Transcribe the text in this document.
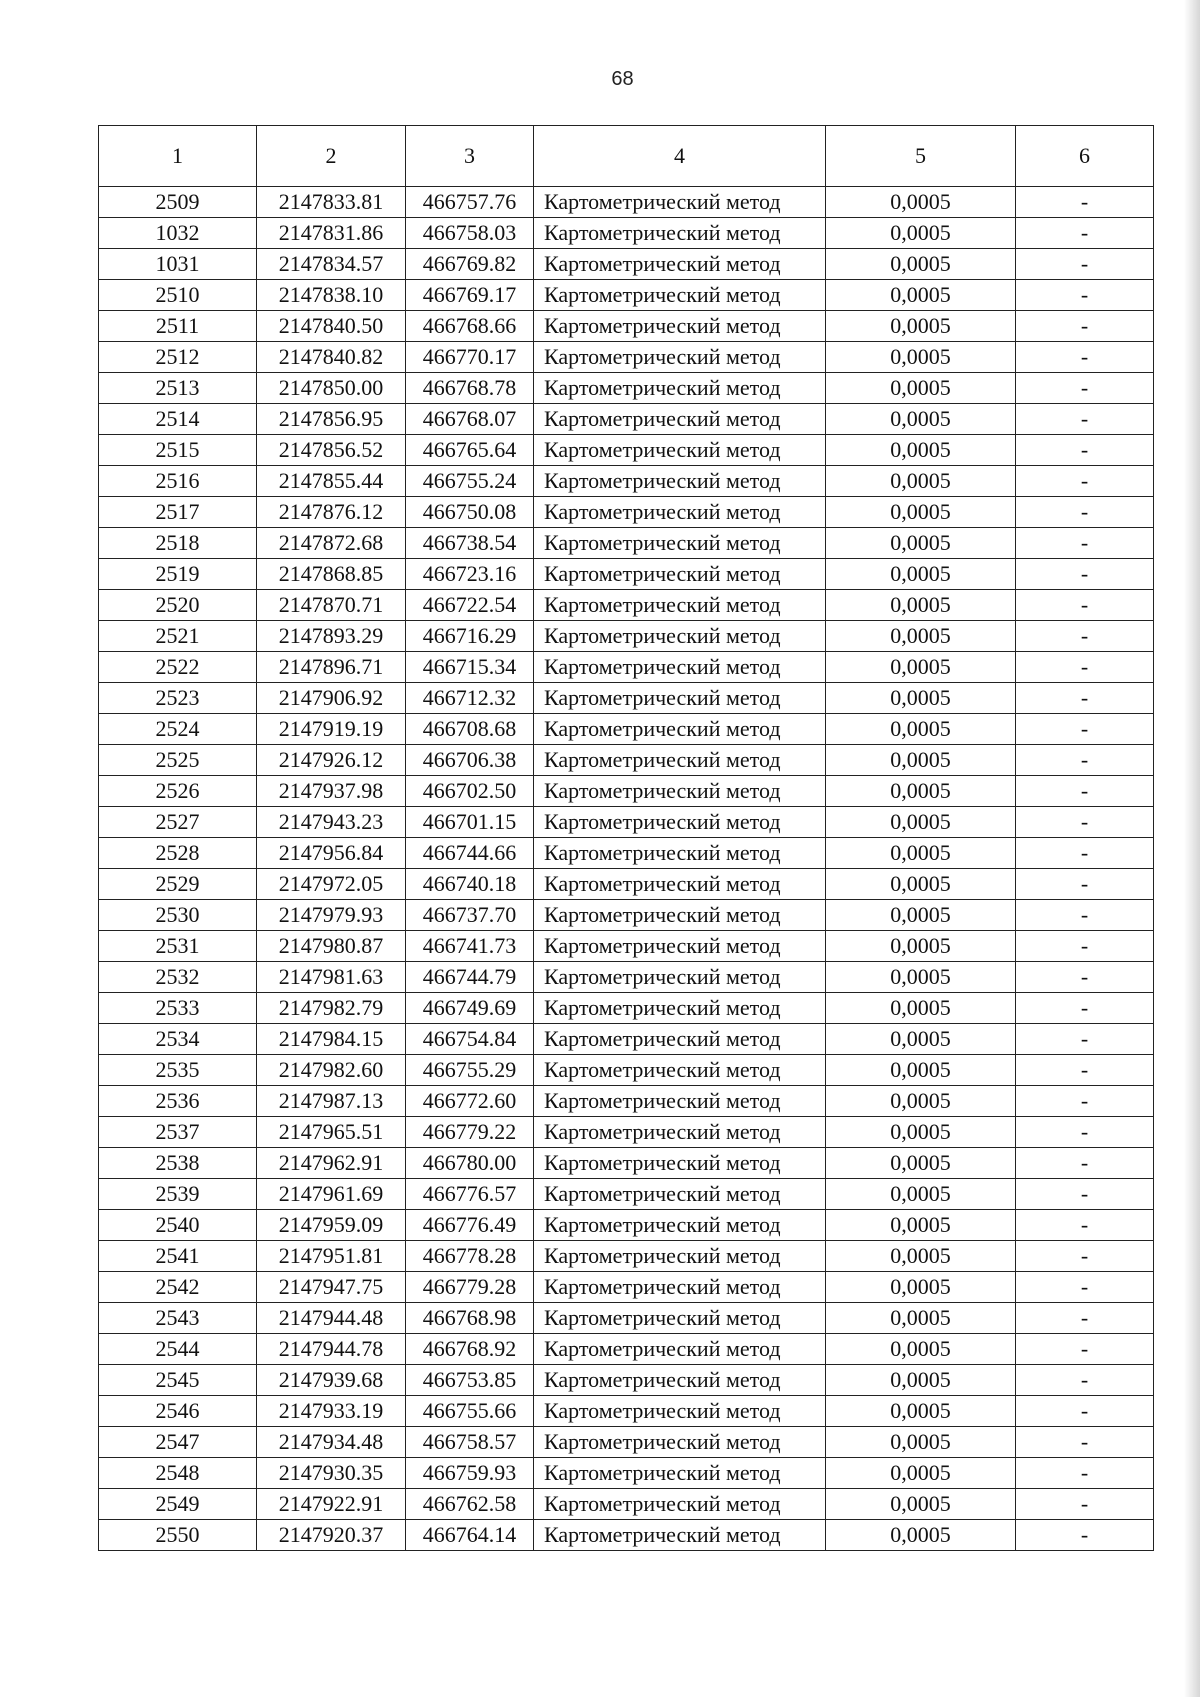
68
1	2	3	4	5	6
2509	2147833.81	466757.76	Картометрический метод	0,0005	-
1032	2147831.86	466758.03	Картометрический метод	0,0005	-
1031	2147834.57	466769.82	Картометрический метод	0,0005	-
2510	2147838.10	466769.17	Картометрический метод	0,0005	-
2511	2147840.50	466768.66	Картометрический метод	0,0005	-
2512	2147840.82	466770.17	Картометрический метод	0,0005	-
2513	2147850.00	466768.78	Картометрический метод	0,0005	-
2514	2147856.95	466768.07	Картометрический метод	0,0005	-
2515	2147856.52	466765.64	Картометрический метод	0,0005	-
2516	2147855.44	466755.24	Картометрический метод	0,0005	-
2517	2147876.12	466750.08	Картометрический метод	0,0005	-
2518	2147872.68	466738.54	Картометрический метод	0,0005	-
2519	2147868.85	466723.16	Картометрический метод	0,0005	-
2520	2147870.71	466722.54	Картометрический метод	0,0005	-
2521	2147893.29	466716.29	Картометрический метод	0,0005	-
2522	2147896.71	466715.34	Картометрический метод	0,0005	-
2523	2147906.92	466712.32	Картометрический метод	0,0005	-
2524	2147919.19	466708.68	Картометрический метод	0,0005	-
2525	2147926.12	466706.38	Картометрический метод	0,0005	-
2526	2147937.98	466702.50	Картометрический метод	0,0005	-
2527	2147943.23	466701.15	Картометрический метод	0,0005	-
2528	2147956.84	466744.66	Картометрический метод	0,0005	-
2529	2147972.05	466740.18	Картометрический метод	0,0005	-
2530	2147979.93	466737.70	Картометрический метод	0,0005	-
2531	2147980.87	466741.73	Картометрический метод	0,0005	-
2532	2147981.63	466744.79	Картометрический метод	0,0005	-
2533	2147982.79	466749.69	Картометрический метод	0,0005	-
2534	2147984.15	466754.84	Картометрический метод	0,0005	-
2535	2147982.60	466755.29	Картометрический метод	0,0005	-
2536	2147987.13	466772.60	Картометрический метод	0,0005	-
2537	2147965.51	466779.22	Картометрический метод	0,0005	-
2538	2147962.91	466780.00	Картометрический метод	0,0005	-
2539	2147961.69	466776.57	Картометрический метод	0,0005	-
2540	2147959.09	466776.49	Картометрический метод	0,0005	-
2541	2147951.81	466778.28	Картометрический метод	0,0005	-
2542	2147947.75	466779.28	Картометрический метод	0,0005	-
2543	2147944.48	466768.98	Картометрический метод	0,0005	-
2544	2147944.78	466768.92	Картометрический метод	0,0005	-
2545	2147939.68	466753.85	Картометрический метод	0,0005	-
2546	2147933.19	466755.66	Картометрический метод	0,0005	-
2547	2147934.48	466758.57	Картометрический метод	0,0005	-
2548	2147930.35	466759.93	Картометрический метод	0,0005	-
2549	2147922.91	466762.58	Картометрический метод	0,0005	-
2550	2147920.37	466764.14	Картометрический метод	0,0005	-
